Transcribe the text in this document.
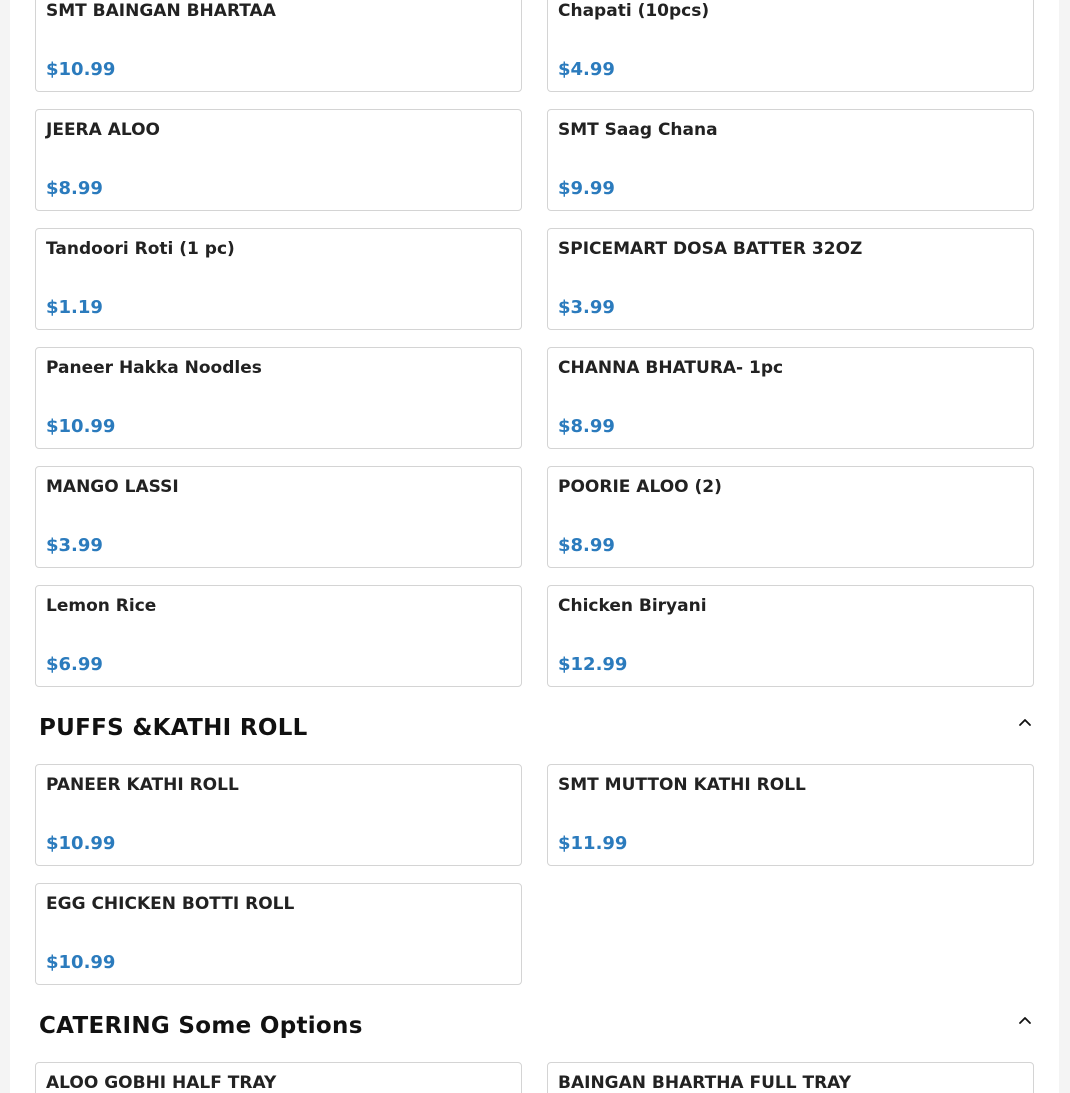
SMT BAINGAN BHARTAA
$10.99
Chapati (10pcs)
$4.99
JEERA ALOO
$8.99
SMT Saag Chana
$9.99
Tandoori Roti (1 pc)
$1.19
SPICEMART DOSA BATTER 32OZ
$3.99
Paneer Hakka Noodles
$10.99
CHANNA BHATURA- 1pc
$8.99
MANGO LASSI
$3.99
POORIE ALOO (2)
$8.99
Lemon Rice
$6.99
Chicken Biryani
$12.99
PUFFS &KATHI ROLL
PANEER KATHI ROLL
$10.99
SMT MUTTON KATHI ROLL
$11.99
EGG CHICKEN BOTTI ROLL
$10.99
CATERING Some Options
ALOO GOBHI HALF TRAY	BAINGAN BHARTHA FULL TRAY
